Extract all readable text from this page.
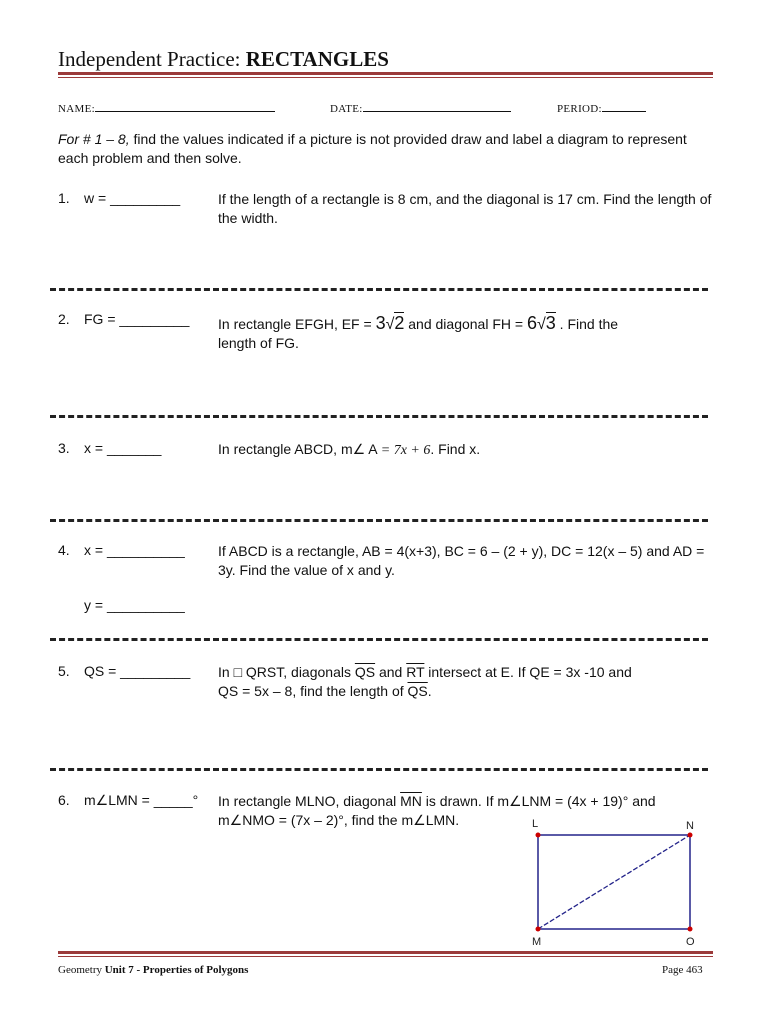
Independent Practice: RECTANGLES
NAME:	DATE:	PERIOD:
For # 1 – 8, find the values indicated if a picture is not provided draw and label a diagram to represent each problem and then solve.
1. w = _________	If the length of a rectangle is 8 cm, and the diagonal is 17 cm. Find the length of the width.
2. FG = _________ In rectangle EFGH, EF = 3√2 and diagonal FH = 6√3 . Find the
length of FG.
3. x = _______	In rectangle ABCD, m∠ A = 7x + 6. Find x.
4. x = __________
y = __________
If ABCD is a rectangle, AB = 4(x+3), BC = 6 – (2 + y), DC = 12(x – 5) and AD = 3y. Find the value of x and y.
5. QS = _________ In □ QRST, diagonals $\overline{QS}$ and $\overline{RT}$ intersect at E. If QE = 3x -10 and
QS = 5x – 8, find the length of $\overline{QS}$.
6. m∠LMN = _____° In rectangle MLNO, diagonal $\overline{MN}$ is drawn. If m∠LNM = (4x + 19)° and
m∠NMO = (7x – 2)°, find the m∠LMN.	L	N
M	O
Geometry Unit 7 - Properties of Polygons	Page 463
